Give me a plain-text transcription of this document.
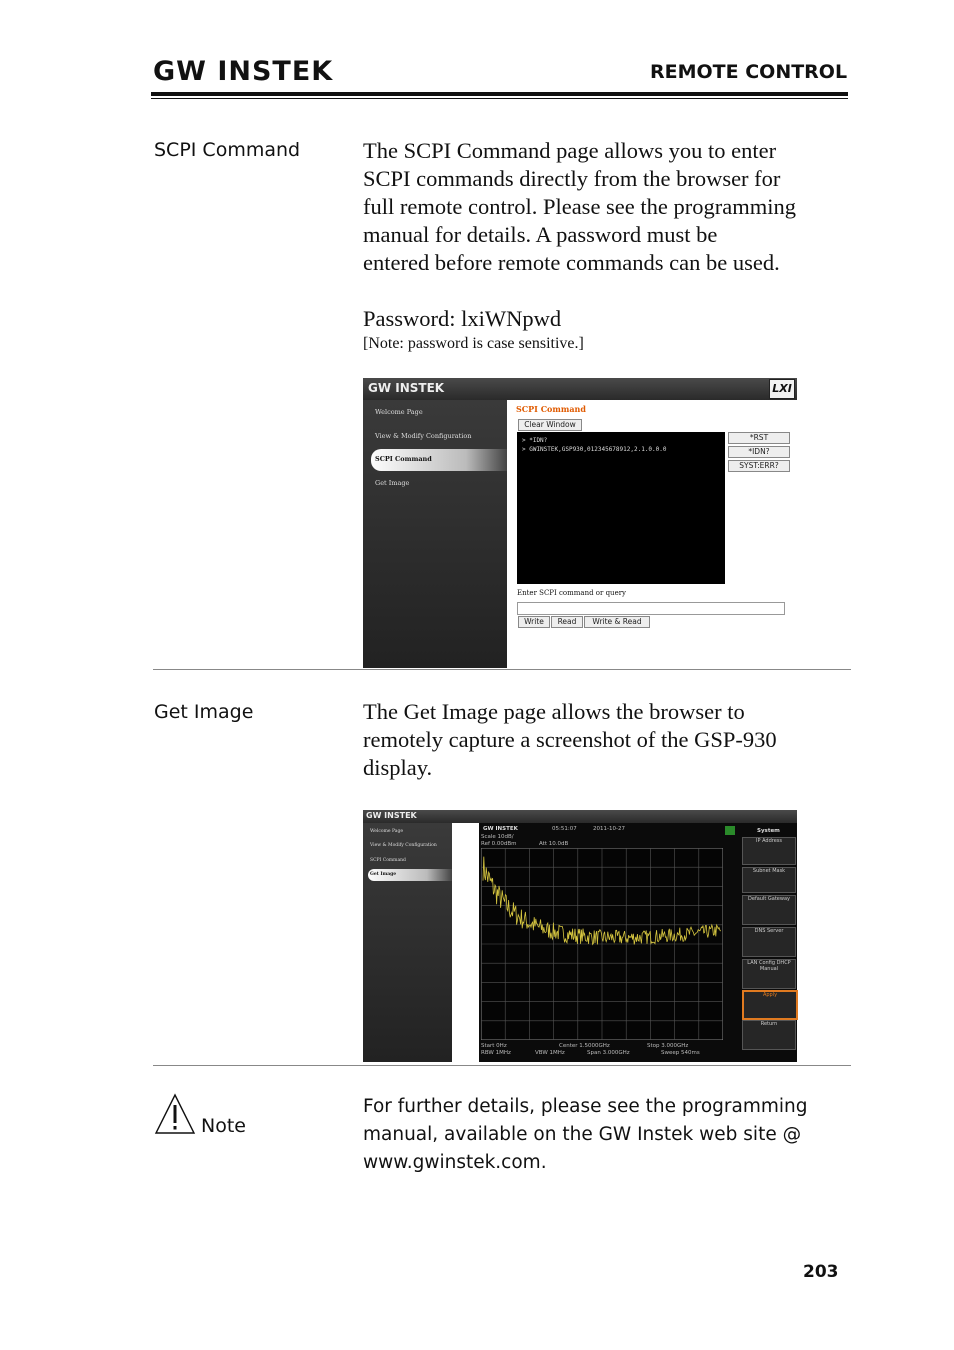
GW INSTEK	REMOTE CONTROL
SCPI Command	The SCPI Command page allows you to enter
SCPI commands directly from the browser for
full remote control. Please see the programming
manual for details. A password must be
entered before remote commands can be used.
Password: lxiWNpwd
[Note: password is case sensitive.]
GW INSTEK	LXI
Welcome Page
View & Modify Configuration
SCPI Command
Get Image
SCPI Command
Clear Window
> *IDN?
> GWINSTEK,GSP930,012345678912,2.1.0.0.0
*RST
*IDN?
SYST:ERR?
Enter SCPI command or query
Write	Read	Write & Read
Get Image	The Get Image page allows the browser to
remotely capture a screenshot of the GSP-930
display.
GW INSTEK
Welcome Page
View & Modify Configuration
SCPI Command
Get Image
GW INSTEK	05:51:07	2011-10-27
Scale 10dB/
Ref 0.00dBm	Att 10.0dB
System
IP Address
Subnet Mask
Default Gateway
DNS Server
LAN Config DHCP Manual
Apply
Return
Start 0Hz
RBW 1MHz
Center 1.5000GHz
VBW 1MHz	Span 3.000GHz
Stop 3.000GHz
Sweep 540ms
Note
For further details, please see the programming
manual, available on the GW Instek web site @
www.gwinstek.com.
203
